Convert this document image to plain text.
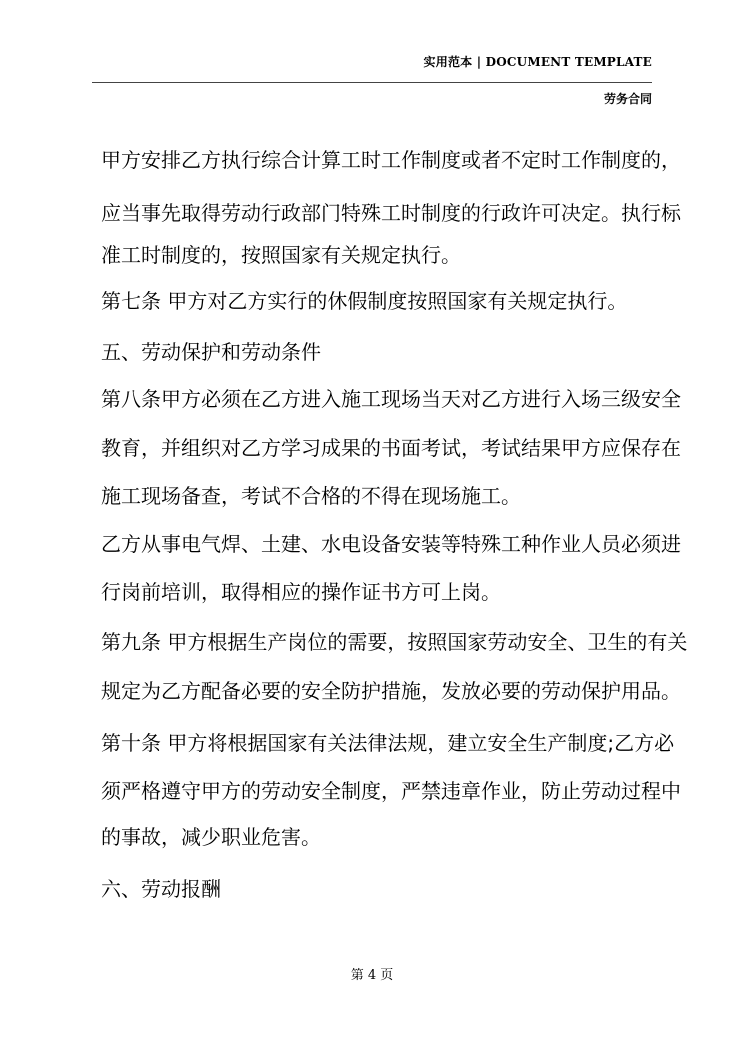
实用范本 | DOCUMENT TEMPLATE
劳务合同
甲方安排乙方执行综合计算工时工作制度或者不定时工作制度的，
应当事先取得劳动行政部门特殊工时制度的行政许可决定。执行标
准工时制度的，按照国家有关规定执行。
第七条 甲方对乙方实行的休假制度按照国家有关规定执行。
五、劳动保护和劳动条件
第八条甲方必须在乙方进入施工现场当天对乙方进行入场三级安全
教育，并组织对乙方学习成果的书面考试，考试结果甲方应保存在
施工现场备查，考试不合格的不得在现场施工。
乙方从事电气焊、土建、水电设备安装等特殊工种作业人员必须进
行岗前培训，取得相应的操作证书方可上岗。
第九条 甲方根据生产岗位的需要，按照国家劳动安全、卫生的有关
规定为乙方配备必要的安全防护措施，发放必要的劳动保护用品。
第十条 甲方将根据国家有关法律法规，建立安全生产制度;乙方必
须严格遵守甲方的劳动安全制度，严禁违章作业，防止劳动过程中
的事故，减少职业危害。
六、劳动报酬
第 4 页
